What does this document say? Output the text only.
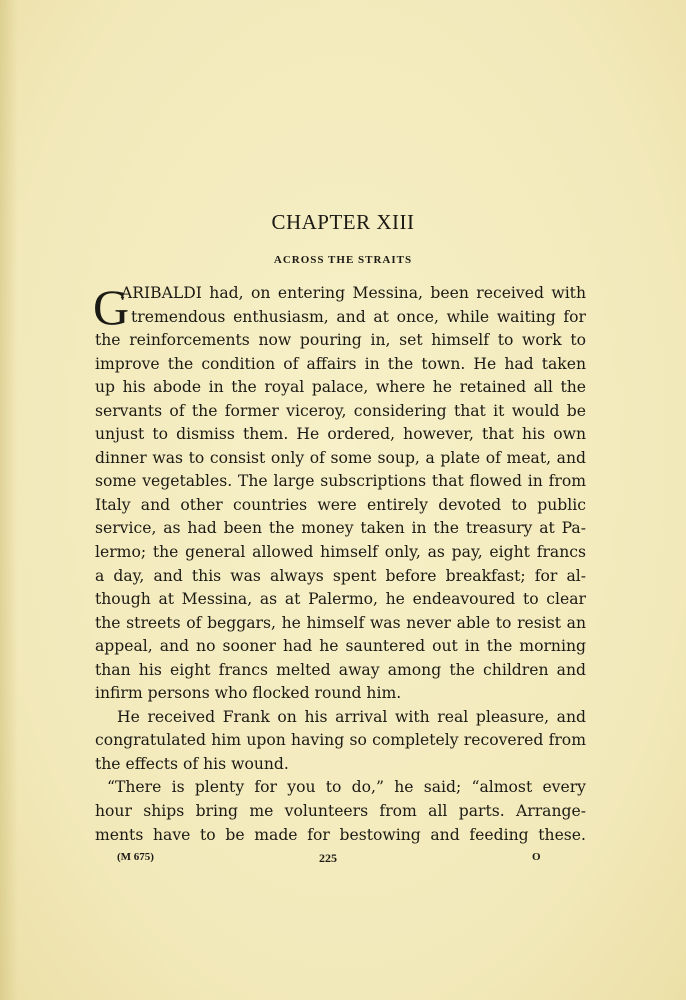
CHAPTER XIII
ACROSS THE STRAITS
G
ARIBALDI had, on entering Messina, been received with
tremendous enthusiasm, and at once, while waiting for
the reinforcements now pouring in, set himself to work to
improve the condition of affairs in the town. He had taken
up his abode in the royal palace, where he retained all the
servants of the former viceroy, considering that it would be
unjust to dismiss them. He ordered, however, that his own
dinner was to consist only of some soup, a plate of meat, and
some vegetables. The large subscriptions that flowed in from
Italy and other countries were entirely devoted to public
service, as had been the money taken in the treasury at Pa-
lermo; the general allowed himself only, as pay, eight francs
a day, and this was always spent before breakfast; for al-
though at Messina, as at Palermo, he endeavoured to clear
the streets of beggars, he himself was never able to resist an
appeal, and no sooner had he sauntered out in the morning
than his eight francs melted away among the children and
infirm persons who flocked round him.
He received Frank on his arrival with real pleasure, and
congratulated him upon having so completely recovered from
the effects of his wound.
“There is plenty for you to do,” he said; “almost every
hour ships bring me volunteers from all parts. Arrange-
ments have to be made for bestowing and feeding these.
(M 675)	225	O
